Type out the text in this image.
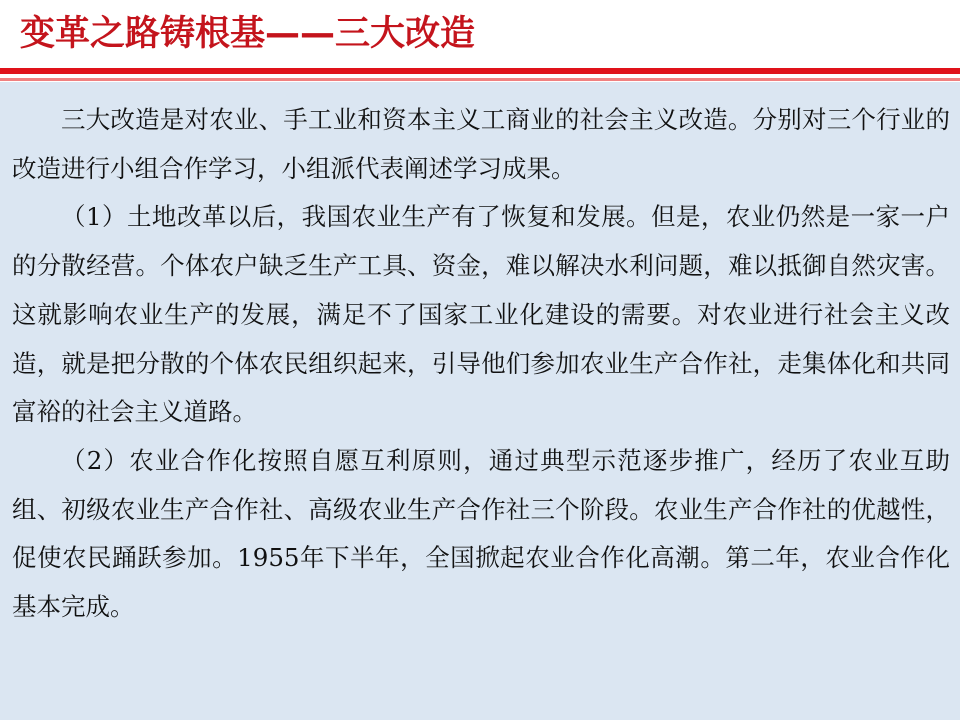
变革之路铸根基——三大改造

三大改造是对农业、手工业和资本主义工商业的社会主义改造。分别对三个行业的改造进行小组合作学习，小组派代表阐述学习成果。

（1）土地改革以后，我国农业生产有了恢复和发展。但是，农业仍然是一家一户的分散经营。个体农户缺乏生产工具、资金，难以解决水利问题，难以抵御自然灾害。这就影响农业生产的发展，满足不了国家工业化建设的需要。对农业进行社会主义改造，就是把分散的个体农民组织起来，引导他们参加农业生产合作社，走集体化和共同富裕的社会主义道路。

（2）农业合作化按照自愿互利原则，通过典型示范逐步推广，经历了农业互助组、初级农业生产合作社、高级农业生产合作社三个阶段。农业生产合作社的优越性，促使农民踊跃参加。1955年下半年，全国掀起农业合作化高潮。第二年，农业合作化基本完成。
